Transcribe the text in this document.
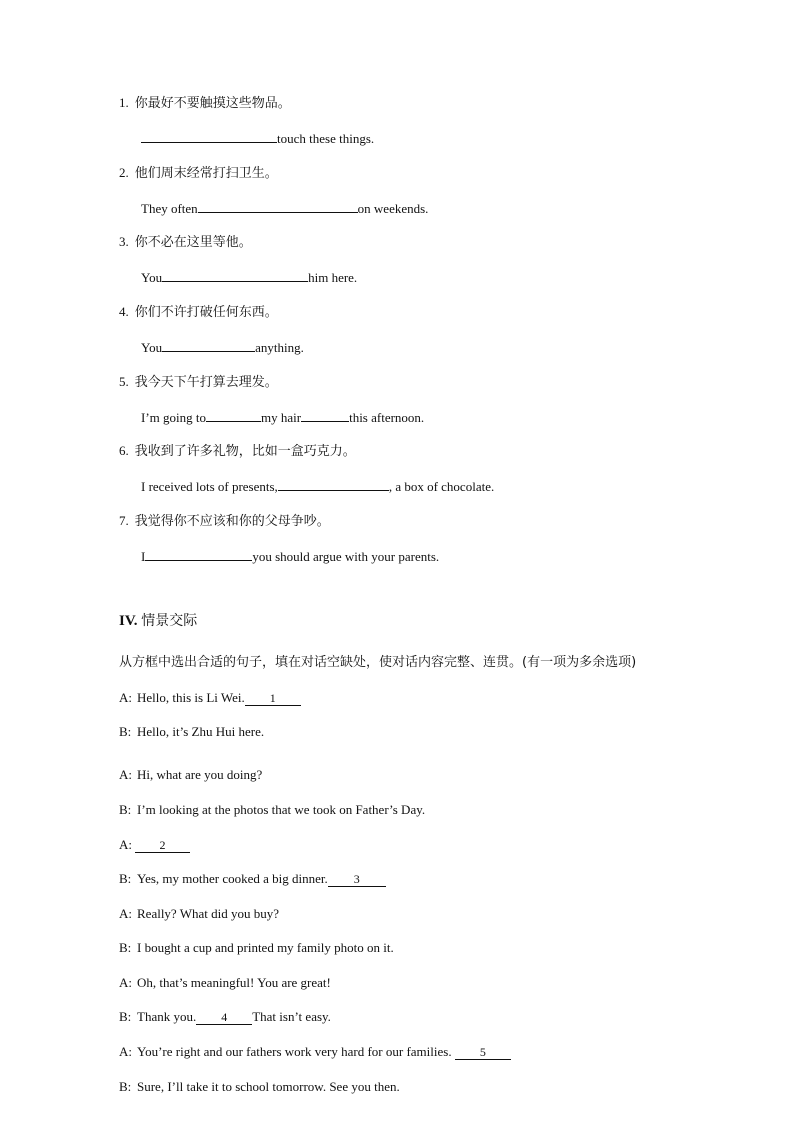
1. 你最好不要触摸这些物品。
touch these things.
2. 他们周末经常打扫卫生。
They often	on weekends.
3. 你不必在这里等他。
You	him here.
4. 你们不许打破任何东西。
You	anything.
5. 我今天下午打算去理发。
I’m going to	my hair	this afternoon.
6. 我收到了许多礼物，比如一盒巧克力。
I received lots of presents,	, a box of chocolate.
7. 我觉得你不应该和你的父母争吵。
I	you should argue with your parents.
IV. 情景交际
从方框中选出合适的句子，填在对话空缺处，使对话内容完整、连贯。(有一项为多余选项)
A: Hello, this is Li Wei. 1
B: Hello, it’s Zhu Hui here.
A: Hi, what are you doing?
B: I’m looking at the photos that we took on Father’s Day.
A: 2
B: Yes, my mother cooked a big dinner. 3
A: Really? What did you buy?
B: I bought a cup and printed my family photo on it.
A: Oh, that’s meaningful! You are great!
B: Thank you. 4 That isn’t easy.
A: You’re right and our fathers work very hard for our families. 5
B: Sure, I’ll take it to school tomorrow. See you then.
